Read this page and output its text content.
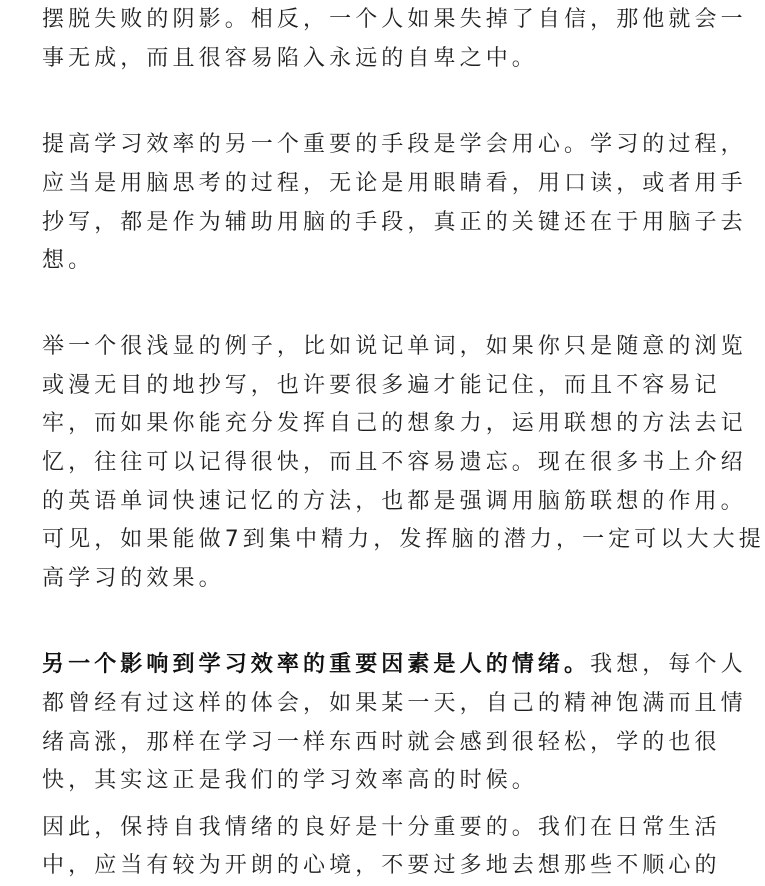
摆脱失败的阴影。相反，一个人如果失掉了自信，那他就会一
事无成，而且很容易陷入永远的自卑之中。
提高学习效率的另一个重要的手段是学会用心。学习的过程，
应当是用脑思考的过程，无论是用眼睛看，用口读，或者用手
抄写，都是作为辅助用脑的手段，真正的关键还在于用脑子去
想。
举一个很浅显的例子，比如说记单词，如果你只是随意的浏览
或漫无目的地抄写，也许要很多遍才能记住，而且不容易记
牢，而如果你能充分发挥自己的想象力，运用联想的方法去记
忆，往往可以记得很快，而且不容易遗忘。现在很多书上介绍
的英语单词快速记忆的方法，也都是强调用脑筋联想的作用。
可见，如果能做7到集中精力，发挥脑的潜力，一定可以大大提
高学习的效果。
另一个影响到学习效率的重要因素是人的情绪。我想，每个人
都曾经有过这样的体会，如果某一天，自己的精神饱满而且情
绪高涨，那样在学习一样东西时就会感到很轻松，学的也很
快，其实这正是我们的学习效率高的时候。
因此，保持自我情绪的良好是十分重要的。我们在日常生活
中，应当有较为开朗的心境，不要过多地去想那些不顺心的
